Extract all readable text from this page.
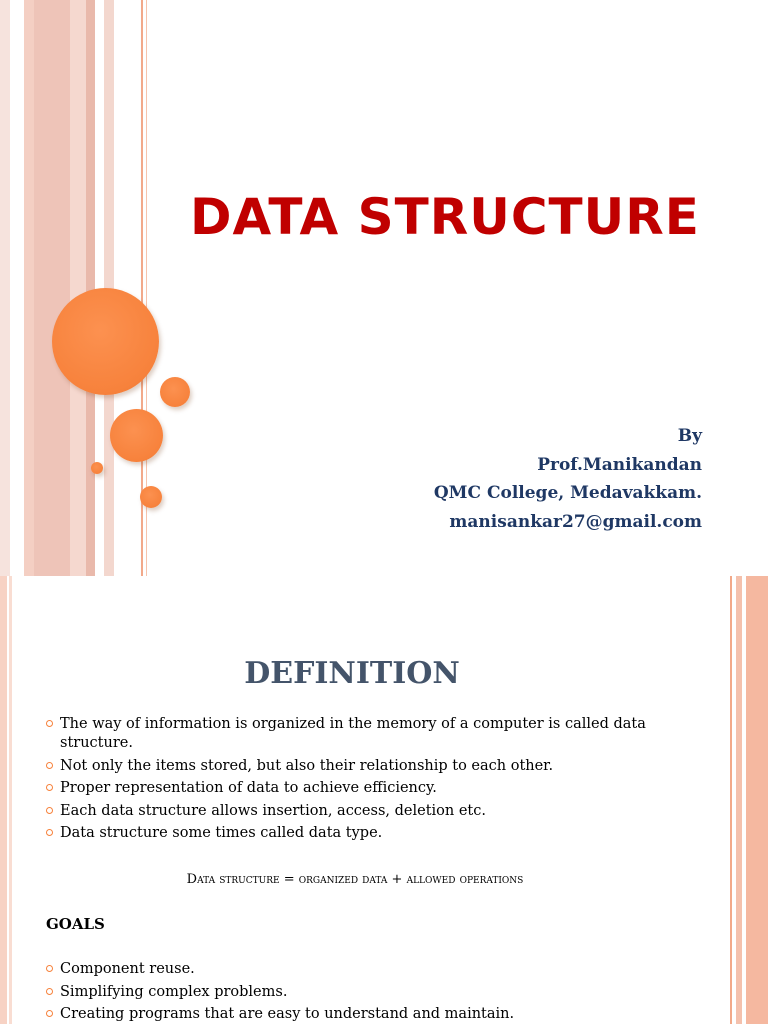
DATA STRUCTURE
By
Prof.Manikandan
QMC College, Medavakkam.
manisankar27@gmail.com
DEFINITION
The way of information is organized in the memory of a computer is called data structure.
Not only the items stored, but also their relationship to each other.
Proper representation of data to achieve efficiency.
Each data structure allows insertion, access, deletion etc.
Data structure some times called data type.
Data structure = organized data + allowed operations
GOALS
Component reuse.
Simplifying complex problems.
Creating programs that are easy to understand and maintain.
